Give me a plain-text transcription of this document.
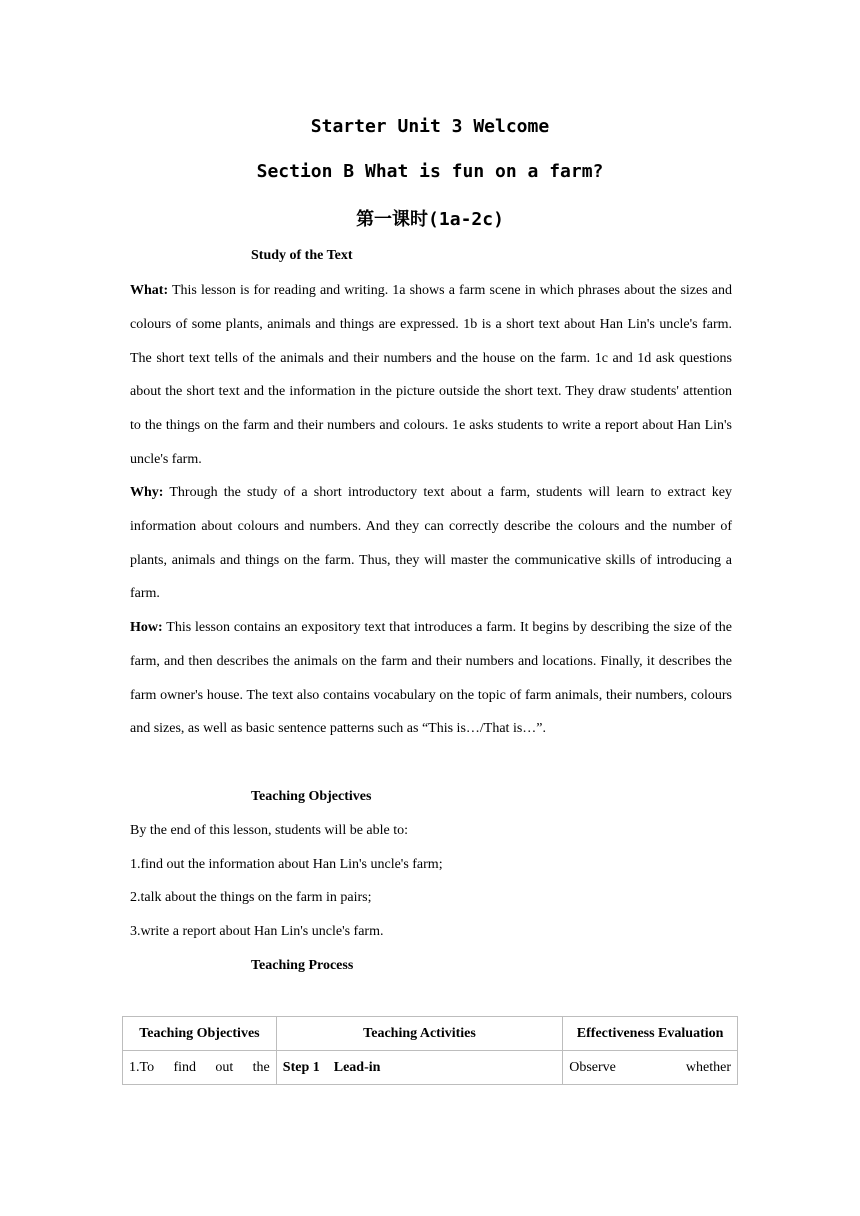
Starter Unit 3 Welcome
Section B What is fun on a farm?
第一课时(1a-2c)
Study of the Text
What: This lesson is for reading and writing. 1a shows a farm scene in which phrases about the sizes and colours of some plants, animals and things are expressed. 1b is a short text about Han Lin's uncle's farm. The short text tells of the animals and their numbers and the house on the farm. 1c and 1d ask questions about the short text and the information in the picture outside the short text. They draw students' attention to the things on the farm and their numbers and colours. 1e asks students to write a report about Han Lin's uncle's farm.
Why: Through the study of a short introductory text about a farm, students will learn to extract key information about colours and numbers. And they can correctly describe the colours and the number of plants, animals and things on the farm. Thus, they will master the communicative skills of introducing a farm.
How: This lesson contains an expository text that introduces a farm. It begins by describing the size of the farm, and then describes the animals on the farm and their numbers and locations. Finally, it describes the farm owner's house. The text also contains vocabulary on the topic of farm animals, their numbers, colours and sizes, as well as basic sentence patterns such as “This is…/That is…”.
Teaching Objectives
By the end of this lesson, students will be able to:
1.find out the information about Han Lin's uncle's farm;
2.talk about the things on the farm in pairs;
3.write a report about Han Lin's uncle's farm.
Teaching Process
Teaching Objectives	Teaching Activities	Effectiveness Evaluation

1.To find out the	Step 1    Lead-in	Observe whether
